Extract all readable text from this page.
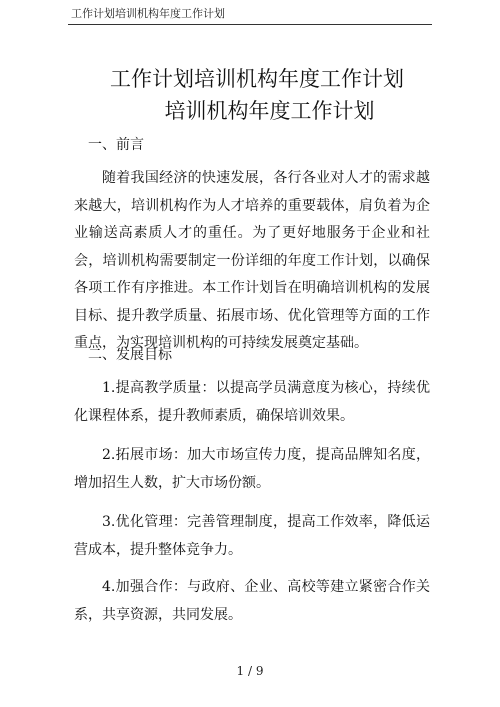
工作计划培训机构年度工作计划
工作计划培训机构年度工作计划
培训机构年度工作计划
一、前言
随着我国经济的快速发展，各行各业对人才的需求越来越大，培训机构作为人才培养的重要载体，肩负着为企业输送高素质人才的重任。为了更好地服务于企业和社会，培训机构需要制定一份详细的年度工作计划，以确保各项工作有序推进。本工作计划旨在明确培训机构的发展目标、提升教学质量、拓展市场、优化管理等方面的工作重点，为实现培训机构的可持续发展奠定基础。
二、发展目标
1.提高教学质量：以提高学员满意度为核心，持续优化课程体系，提升教师素质，确保培训效果。
2.拓展市场：加大市场宣传力度，提高品牌知名度，增加招生人数，扩大市场份额。
3.优化管理：完善管理制度，提高工作效率，降低运营成本，提升整体竞争力。
4.加强合作：与政府、企业、高校等建立紧密合作关系，共享资源，共同发展。
1 / 9
